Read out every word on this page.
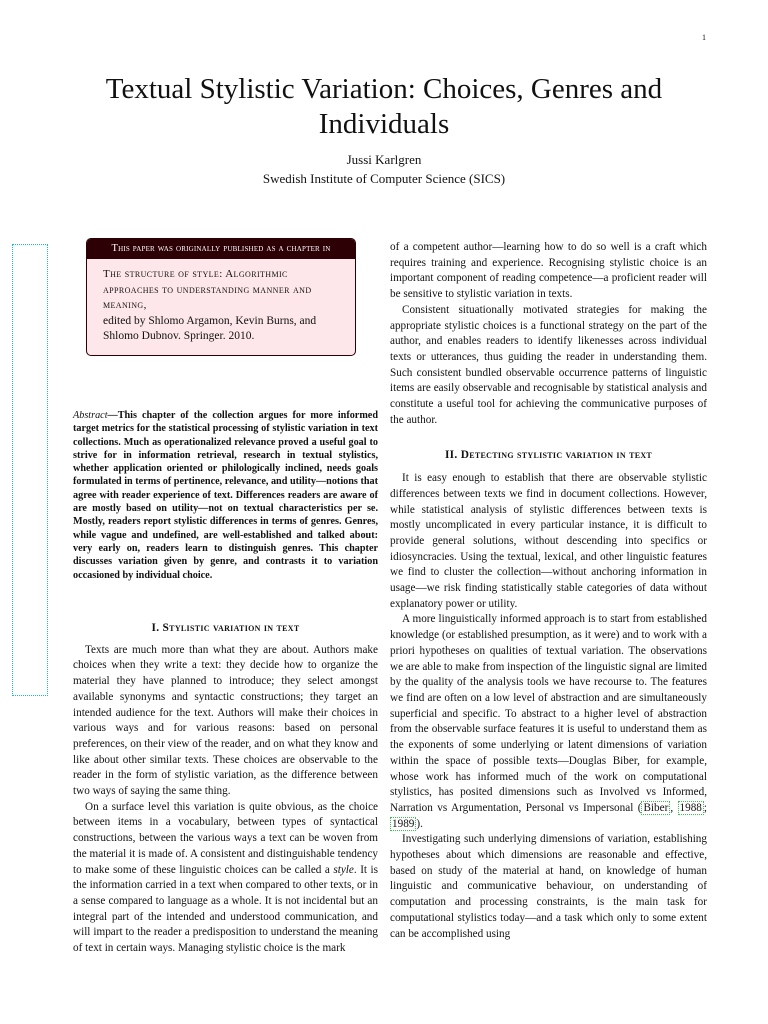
1
Textual Stylistic Variation: Choices, Genres and Individuals
Jussi Karlgren
Swedish Institute of Computer Science (SICS)
This paper was originally published as a chapter in
The structure of style: Algorithmic approaches to understanding manner and meaning,
edited by Shlomo Argamon, Kevin Burns, and Shlomo Dubnov. Springer. 2010.
Abstract—This chapter of the collection argues for more informed target metrics for the statistical processing of stylistic variation in text collections. Much as operationalized relevance proved a useful goal to strive for in information retrieval, research in textual stylistics, whether application oriented or philologically inclined, needs goals formulated in terms of pertinence, relevance, and utility—notions that agree with reader experience of text. Differences readers are aware of are mostly based on utility—not on textual characteristics per se. Mostly, readers report stylistic differences in terms of genres. Genres, while vague and undefined, are well-established and talked about: very early on, readers learn to distinguish genres. This chapter discusses variation given by genre, and contrasts it to variation occasioned by individual choice.
I. Stylistic variation in text

Texts are much more than what they are about. Authors make choices when they write a text: they decide how to organize the material they have planned to introduce; they select amongst available synonyms and syntactic constructions; they target an intended audience for the text. Authors will make their choices in various ways and for various reasons: based on personal preferences, on their view of the reader, and on what they know and like about other similar texts. These choices are observable to the reader in the form of stylistic variation, as the difference between two ways of saying the same thing.

On a surface level this variation is quite obvious, as the choice between items in a vocabulary, between types of syntactical constructions, between the various ways a text can be woven from the material it is made of. A consistent and distinguishable tendency to make some of these linguistic choices can be called a style. It is the information carried in a text when compared to other texts, or in a sense compared to language as a whole. It is not incidental but an integral part of the intended and understood communication, and will impart to the reader a predisposition to understand the meaning of text in certain ways. Managing stylistic choice is the mark

of a competent author—learning how to do so well is a craft which requires training and experience. Recognising stylistic choice is an important component of reading competence—a proficient reader will be sensitive to stylistic variation in texts.

Consistent situationally motivated strategies for making the appropriate stylistic choices is a functional strategy on the part of the author, and enables readers to identify likenesses across individual texts or utterances, thus guiding the reader in understanding them. Such consistent bundled observable occurrence patterns of linguistic items are easily observable and recognisable by statistical analysis and constitute a useful tool for achieving the communicative purposes of the author.

II. Detecting stylistic variation in text

It is easy enough to establish that there are observable stylistic differences between texts we find in document collections. However, while statistical analysis of stylistic differences between texts is mostly uncomplicated in every particular instance, it is difficult to provide general solutions, without descending into specifics or idiosyncracies. Using the textual, lexical, and other linguistic features we find to cluster the collection—without anchoring information in usage—we risk finding statistically stable categories of data without explanatory power or utility.

A more linguistically informed approach is to start from established knowledge (or established presumption, as it were) and to work with a priori hypotheses on qualities of textual variation. The observations we are able to make from inspection of the linguistic signal are limited by the quality of the analysis tools we have recourse to. The features we find are often on a low level of abstraction and are simultaneously superficial and specific. To abstract to a higher level of abstraction from the observable surface features it is useful to understand them as the exponents of some underlying or latent dimensions of variation within the space of possible texts—Douglas Biber, for example, whose work has informed much of the work on computational stylistics, has posited dimensions such as Involved vs Informed, Narration vs Argumentation, Personal vs Impersonal ( Biber , 1988 ; 1989 ).

Investigating such underlying dimensions of variation, establishing hypotheses about which dimensions are reasonable and effective, based on study of the material at hand, on knowledge of human linguistic and communicative behaviour, on understanding of computation and processing constraints, is the main task for computational stylistics today—and a task which only to some extent can be accomplished using
